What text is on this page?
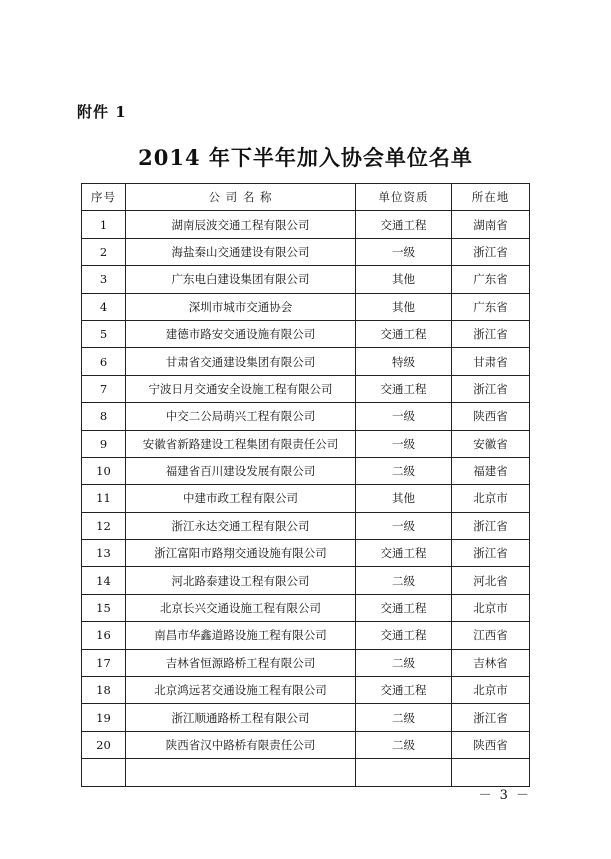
附件 1
2014 年下半年加入协会单位名单
序号	公 司 名 称	单位资质	所在地
1	湖南辰波交通工程有限公司	交通工程	湖南省
2	海盐秦山交通建设有限公司	一级	浙江省
3	广东电白建设集团有限公司	其他	广东省
4	深圳市城市交通协会	其他	广东省
5	建德市路安交通设施有限公司	交通工程	浙江省
6	甘肃省交通建设集团有限公司	特级	甘肃省
7	宁波日月交通安全设施工程有限公司	交通工程	浙江省
8	中交二公局萌兴工程有限公司	一级	陕西省
9	安徽省新路建设工程集团有限责任公司	一级	安徽省
10	福建省百川建设发展有限公司	二级	福建省
11	中建市政工程有限公司	其他	北京市
12	浙江永达交通工程有限公司	一级	浙江省
13	浙江富阳市路翔交通设施有限公司	交通工程	浙江省
14	河北路泰建设工程有限公司	二级	河北省
15	北京长兴交通设施工程有限公司	交通工程	北京市
16	南昌市华鑫道路设施工程有限公司	交通工程	江西省
17	吉林省恒源路桥工程有限公司	二级	吉林省
18	北京鸿远茗交通设施工程有限公司	交通工程	北京市
19	浙江顺通路桥工程有限公司	二级	浙江省
20	陕西省汉中路桥有限责任公司	二级	陕西省

－ 3 －
